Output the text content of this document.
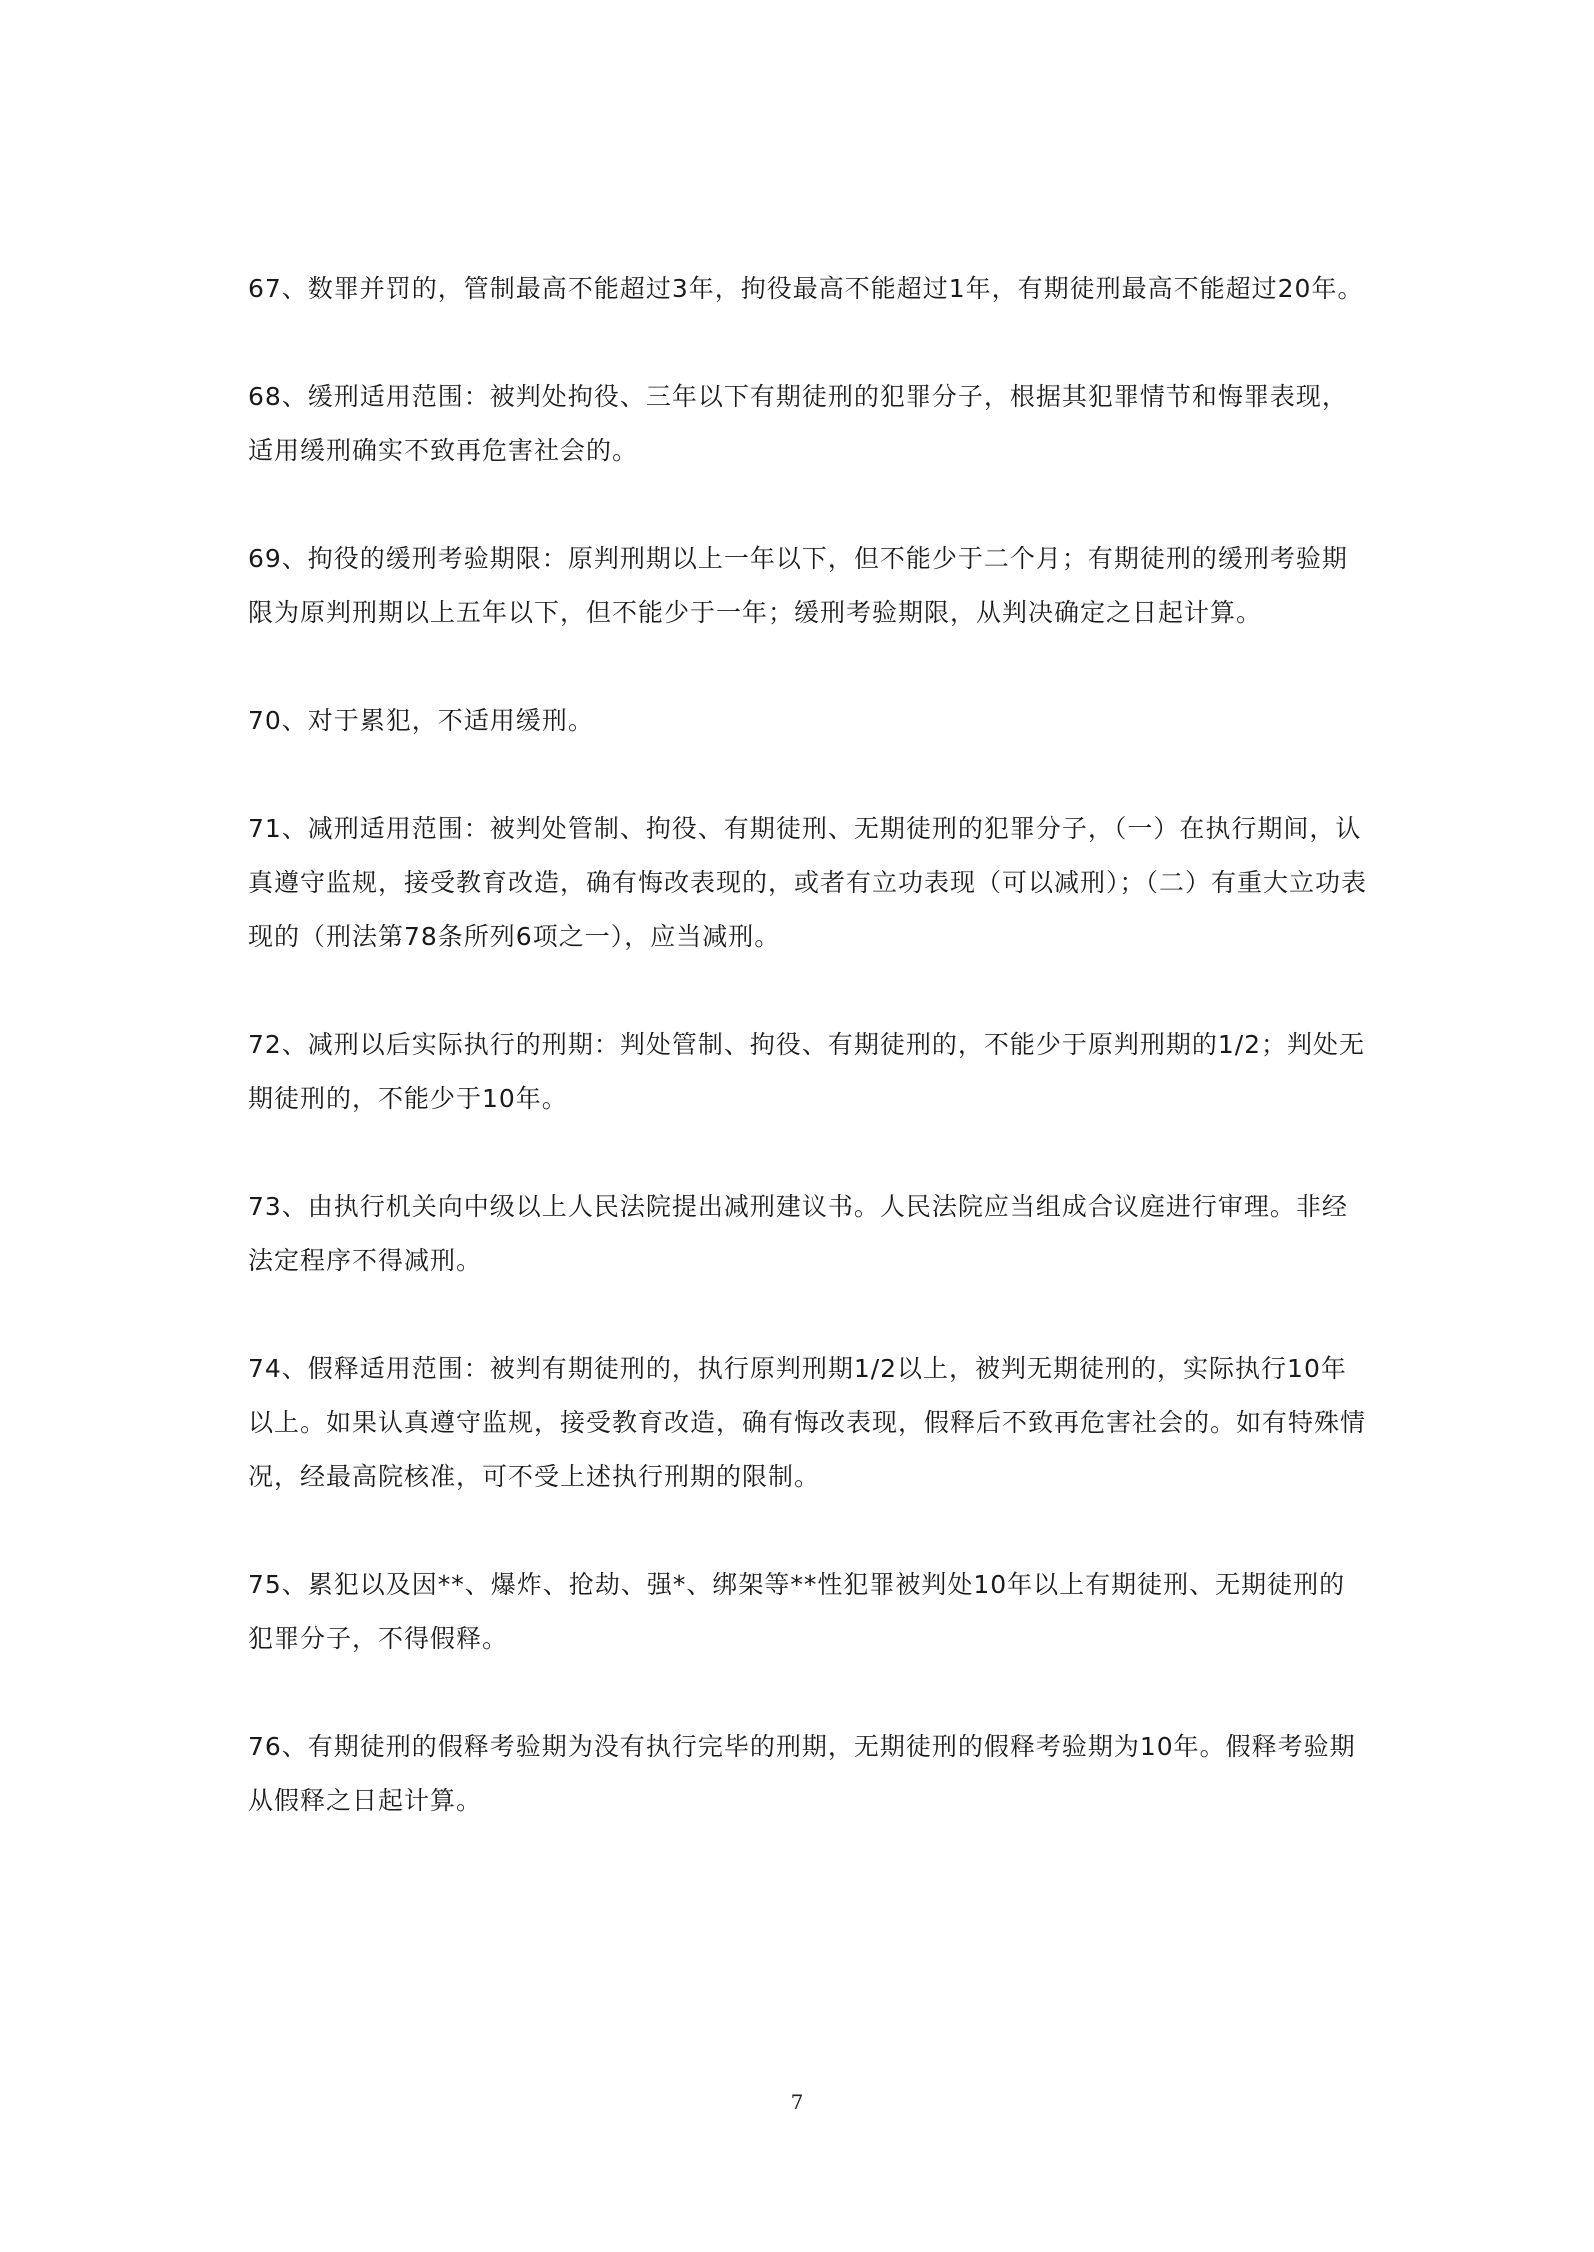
67、数罪并罚的，管制最高不能超过3年，拘役最高不能超过1年，有期徒刑最高不能超过20年。

68、缓刑适用范围：被判处拘役、三年以下有期徒刑的犯罪分子，根据其犯罪情节和悔罪表现，适用缓刑确实不致再危害社会的。

69、拘役的缓刑考验期限：原判刑期以上一年以下，但不能少于二个月；有期徒刑的缓刑考验期限为原判刑期以上五年以下，但不能少于一年；缓刑考验期限，从判决确定之日起计算。

70、对于累犯，不适用缓刑。

71、减刑适用范围：被判处管制、拘役、有期徒刑、无期徒刑的犯罪分子，（一）在执行期间，认真遵守监规，接受教育改造，确有悔改表现的，或者有立功表现（可以减刑）；（二）有重大立功表现的（刑法第78条所列6项之一），应当减刑。

72、减刑以后实际执行的刑期：判处管制、拘役、有期徒刑的，不能少于原判刑期的1/2；判处无期徒刑的，不能少于10年。

73、由执行机关向中级以上人民法院提出减刑建议书。人民法院应当组成合议庭进行审理。非经法定程序不得减刑。

74、假释适用范围：被判有期徒刑的，执行原判刑期1/2以上，被判无期徒刑的，实际执行10年以上。如果认真遵守监规，接受教育改造，确有悔改表现，假释后不致再危害社会的。如有特殊情况，经最高院核准，可不受上述执行刑期的限制。

75、累犯以及因**、爆炸、抢劫、强*、绑架等**性犯罪被判处10年以上有期徒刑、无期徒刑的犯罪分子，不得假释。

76、有期徒刑的假释考验期为没有执行完毕的刑期，无期徒刑的假释考验期为10年。假释考验期从假释之日起计算。

7
